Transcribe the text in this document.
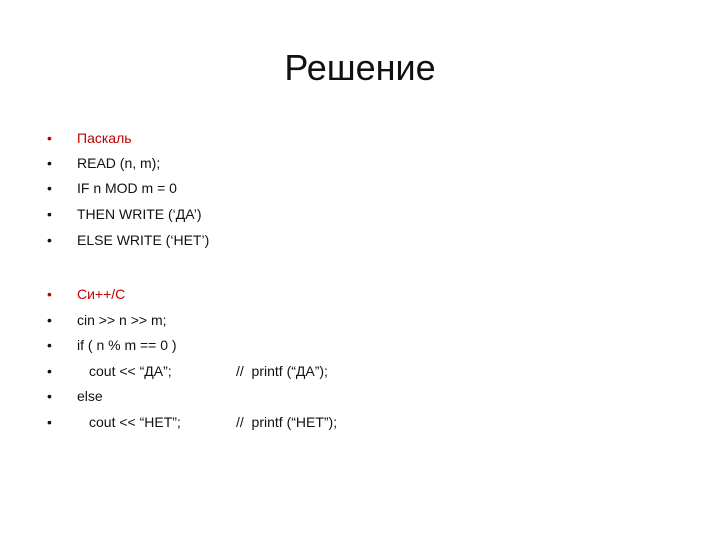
Решение

•

Паскаль

•

READ (n, m);

•

IF n MOD m = 0

•

THEN WRITE (‘ДА’)

•

ELSE WRITE (‘НЕТ’)

•

Си++/С

•

cin >> n >> m;

•

if ( n % m == 0 )

•

	cout << “ДА”;

	//  printf (“ДА”);

•

else

•

	cout << “НЕТ”;

	//  printf (“НЕТ”);
